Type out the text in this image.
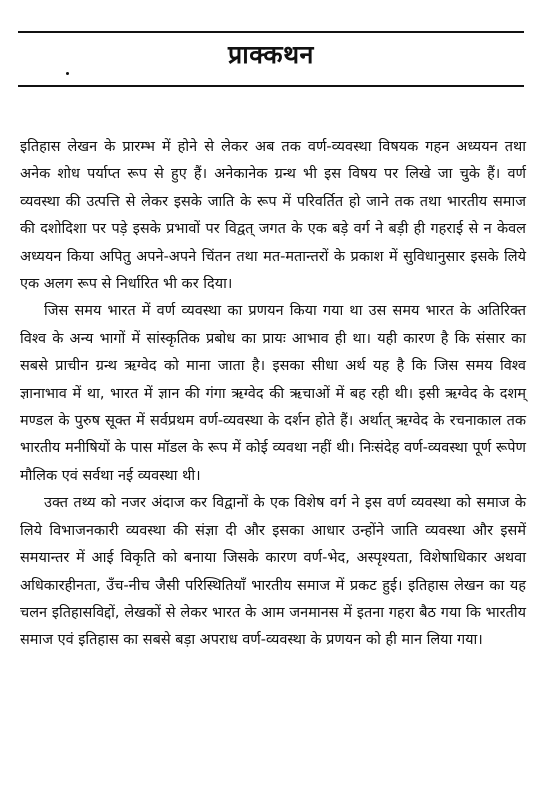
प्राक्कथन

इतिहास लेखन के प्रारम्भ में होने से लेकर अब तक वर्ण-व्यवस्था विषयक गहन अध्ययन तथा अनेक शोध पर्याप्त रूप से हुए हैं। अनेकानेक ग्रन्थ भी इस विषय पर लिखे जा चुके हैं। वर्ण व्यवस्था की उत्पत्ति से लेकर इसके जाति के रूप में परिवर्तित हो जाने तक तथा भारतीय समाज की दशोदिशा पर पड़े इसके प्रभावों पर विद्वत् जगत के एक बड़े वर्ग ने बड़ी ही गहराई से न केवल अध्ययन किया अपितु अपने-अपने चिंतन तथा मत-मतान्तरों के प्रकाश में सुविधानुसार इसके लिये एक अलग रूप से निर्धारित भी कर दिया।

जिस समय भारत में वर्ण व्यवस्था का प्रणयन किया गया था उस समय भारत के अतिरिक्त विश्व के अन्य भागों में सांस्कृतिक प्रबोध का प्रायः आभाव ही था। यही कारण है कि संसार का सबसे प्राचीन ग्रन्थ ऋग्वेद को माना जाता है। इसका सीधा अर्थ यह है कि जिस समय विश्व ज्ञानाभाव में था, भारत में ज्ञान की गंगा ऋग्वेद की ऋचाओं में बह रही थी। इसी ऋग्वेद के दशम् मण्डल के पुरुष सूक्त में सर्वप्रथम वर्ण-व्यवस्था के दर्शन होते हैं। अर्थात् ऋग्वेद के रचनाकाल तक भारतीय मनीषियों के पास मॉडल के रूप में कोई व्यवथा नहीं थी। निःसंदेह वर्ण-व्यवस्था पूर्ण रूपेण मौलिक एवं सर्वथा नई व्यवस्था थी।

उक्त तथ्य को नजर अंदाज कर विद्वानों के एक विशेष वर्ग ने इस वर्ण व्यवस्था को समाज के लिये विभाजनकारी व्यवस्था की संज्ञा दी और इसका आधार उन्होंने जाति व्यवस्था और इसमें समयान्तर में आई विकृति को बनाया जिसके कारण वर्ण-भेद, अस्पृश्यता, विशेषाधिकार अथवा अधिकारहीनता, उँच-नीच जैसी परिस्थितियाँ भारतीय समाज में प्रकट हुई। इतिहास लेखन का यह चलन इतिहासविद्दों, लेखकों से लेकर भारत के आम जनमानस में इतना गहरा बैठ गया कि भारतीय समाज एवं इतिहास का सबसे बड़ा अपराध वर्ण-व्यवस्था के प्रणयन को ही मान लिया गया।
